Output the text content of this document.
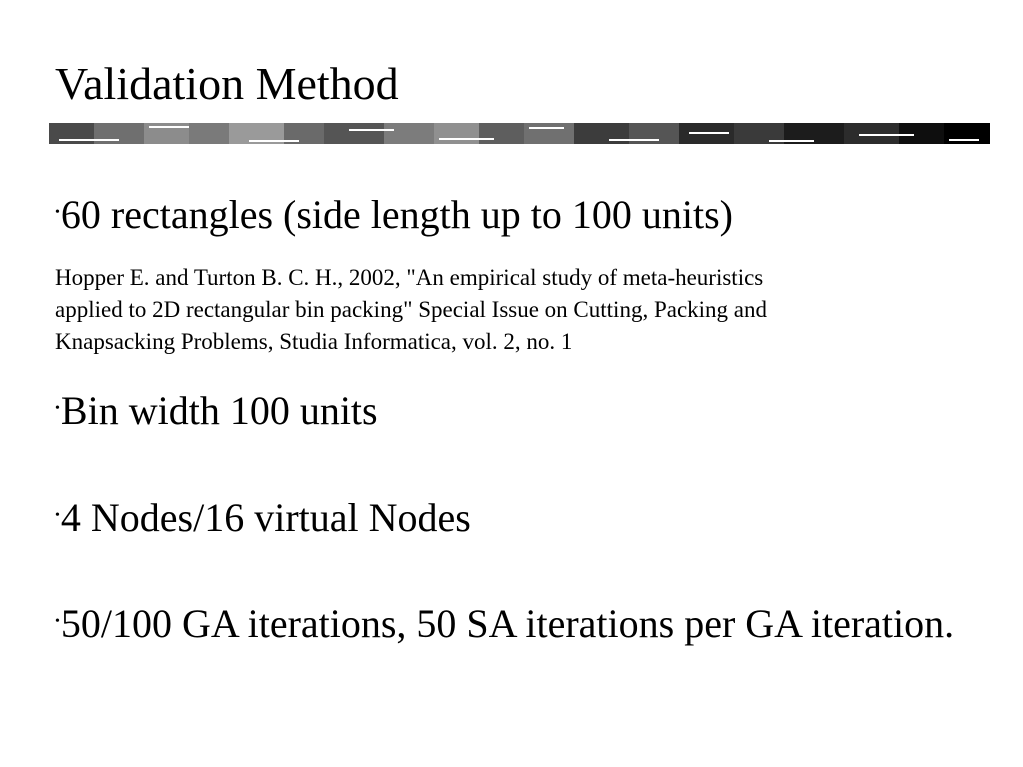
Validation Method
•60 rectangles (side length up to 100 units)
Hopper E. and Turton B. C. H., 2002, "An empirical study of meta-heuristics
applied to 2D rectangular bin packing" Special Issue on Cutting, Packing and
Knapsacking Problems, Studia Informatica, vol. 2, no. 1
•Bin width 100 units
•4 Nodes/16 virtual Nodes
•50/100 GA iterations, 50 SA iterations per GA iteration.
